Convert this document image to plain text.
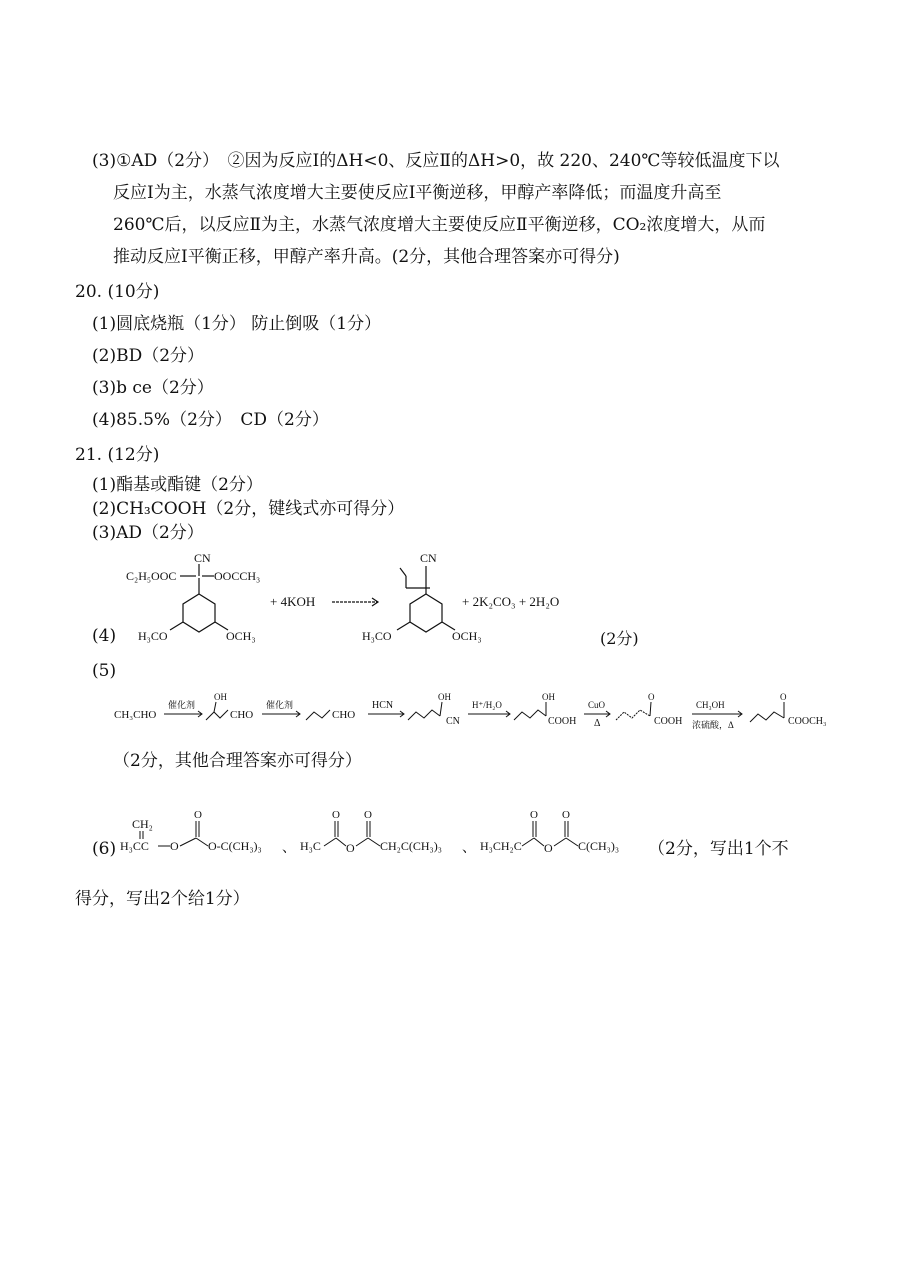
(3)①AD（2分）　②因为反应Ⅰ的ΔH<0、反应Ⅱ的ΔH>0，故 220、240℃等较低温度下以
反应Ⅰ为主，水蒸气浓度增大主要使反应Ⅰ平衡逆移，甲醇产率降低；而温度升高至
260℃后，以反应Ⅱ为主，水蒸气浓度增大主要使反应Ⅱ平衡逆移，CO₂浓度增大，从而
推动反应Ⅰ平衡正移，甲醇产率升高。(2分，其他合理答案亦可得分)
20. (10分)
(1)圆底烧瓶（1分） 防止倒吸（1分）
(2)BD（2分）
(3)b ce（2分）
(4)85.5%（2分）　CD（2分）
21. (12分)
(1)酯基或酯键（2分）
(2)CH₃COOH（2分，键线式亦可得分）
(3)AD（2分）
(4)
CN
C₂H₅OOC	OOCCH₃
H₃CO	OCH₃
+ 4KOH
CN
H₃CO	OCH₃
+ 2K₂CO₃ + 2H₂O
(2分)
(5)
CH₃CHO
催化剂
OH
CHO
催化剂
CHO
HCN
OH
CN
H⁺/H₂O
OH
COOH
CuO
Δ
O
COOH
CH₃OH
浓硫酸，Δ
O
COOCH₃
（2分，其他合理答案亦可得分）
(6)
CH₂
O
H₃CC O O-C(CH₃)₃ 、 H₃C
O
O
O
CH₂C(CH₃)₃ 、 H₃CH₂C
O
O
O
C(CH₃)₃ （2分，写出1个不
得分，写出2个给1分）
